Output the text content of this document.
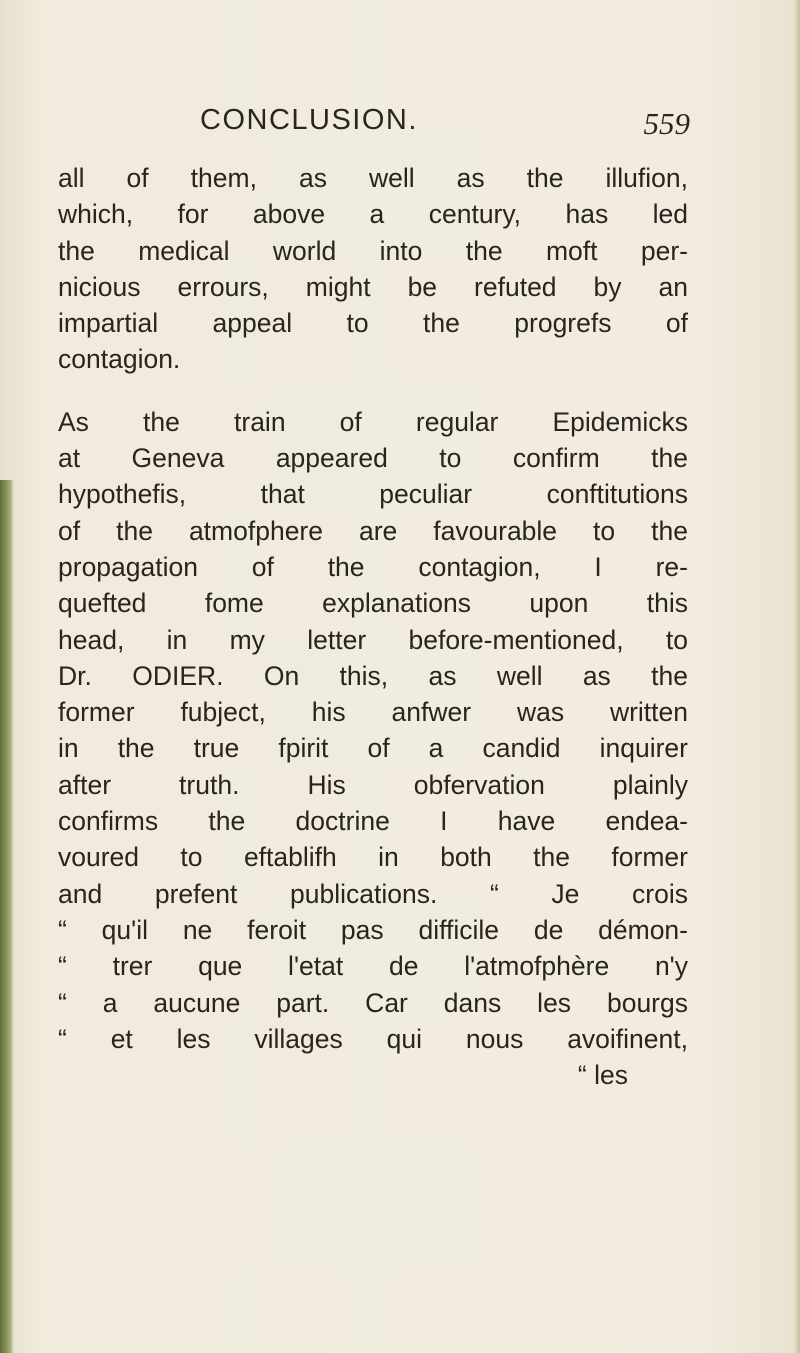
CONCLUSION.	559
all of them, as well as the illufion,
which, for above a century, has led
the medical world into the moft per-
nicious errours, might be refuted by an
impartial appeal to the progrefs of
contagion.
As the train of regular Epidemicks
at Geneva appeared to confirm the
hypothefis, that peculiar conftitutions
of the atmofphere are favourable to the
propagation of the contagion, I re-
quefted fome explanations upon this
head, in my letter before-mentioned, to
Dr. ODIER. On this, as well as the
former fubject, his anfwer was written
in the true fpirit of a candid inquirer
after truth. His obfervation plainly
confirms the doctrine I have endea-
voured to eftablifh in both the former
and prefent publications. “ Je crois
“ qu'il ne feroit pas difficile de démon-
“ trer que l'etat de l'atmofphère n'y
“ a aucune part. Car dans les bourgs
“ et les villages qui nous avoifinent,
“ les
